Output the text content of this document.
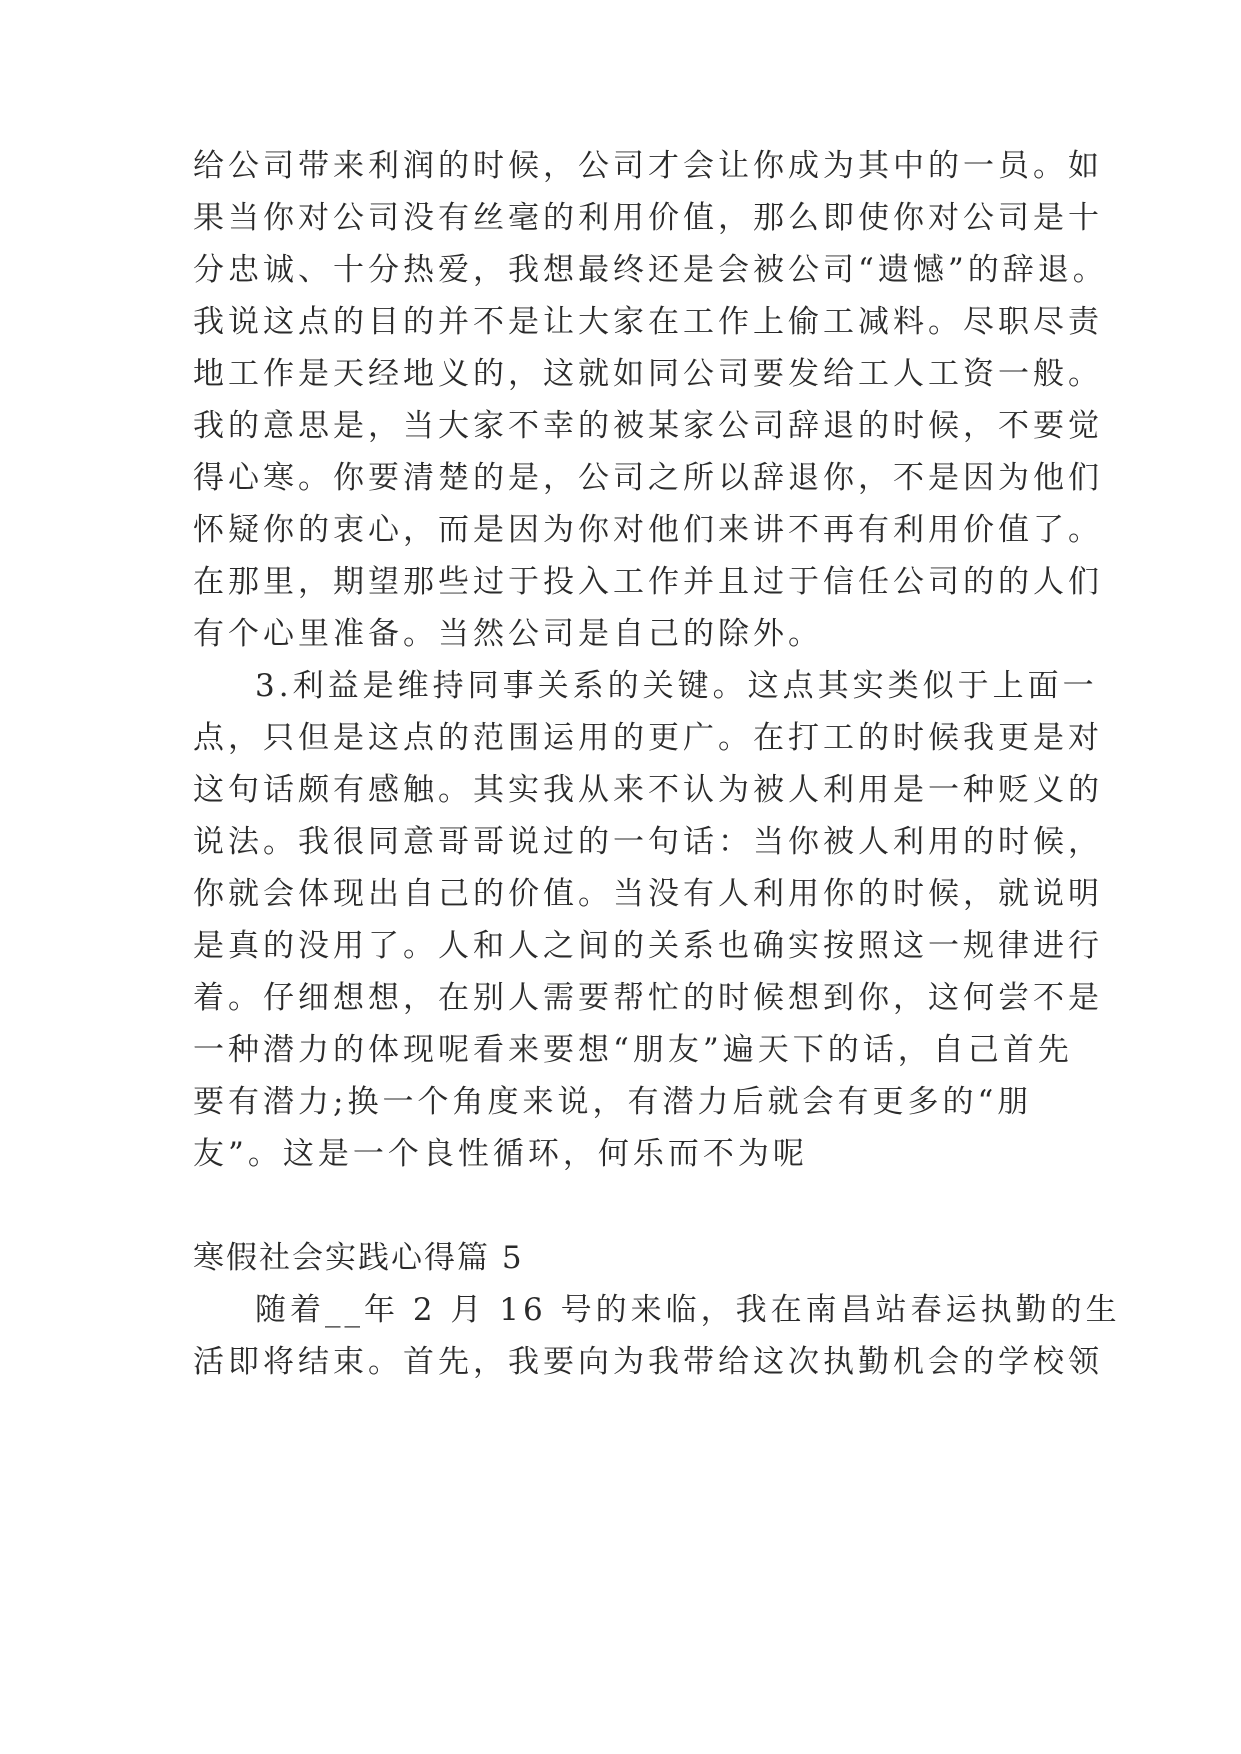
给公司带来利润的时候，公司才会让你成为其中的一员。如
果当你对公司没有丝毫的利用价值，那么即使你对公司是十
分忠诚、十分热爱，我想最终还是会被公司“遗憾”的辞退。
我说这点的目的并不是让大家在工作上偷工减料。尽职尽责
地工作是天经地义的，这就如同公司要发给工人工资一般。
我的意思是，当大家不幸的被某家公司辞退的时候，不要觉
得心寒。你要清楚的是，公司之所以辞退你，不是因为他们
怀疑你的衷心，而是因为你对他们来讲不再有利用价值了。
在那里，期望那些过于投入工作并且过于信任公司的的人们
有个心里准备。当然公司是自己的除外。
3.利益是维持同事关系的关键。这点其实类似于上面一
点，只但是这点的范围运用的更广。在打工的时候我更是对
这句话颇有感触。其实我从来不认为被人利用是一种贬义的
说法。我很同意哥哥说过的一句话：当你被人利用的时候，
你就会体现出自己的价值。当没有人利用你的时候，就说明
是真的没用了。人和人之间的关系也确实按照这一规律进行
着。仔细想想，在别人需要帮忙的时候想到你，这何尝不是
一种潜力的体现呢看来要想“朋友”遍天下的话，自己首先
要有潜力;换一个角度来说，有潜力后就会有更多的“朋
友”。这是一个良性循环，何乐而不为呢
寒假社会实践心得篇 5
随着__年 2 月 16 号的来临，我在南昌站春运执勤的生
活即将结束。首先，我要向为我带给这次执勤机会的学校领
